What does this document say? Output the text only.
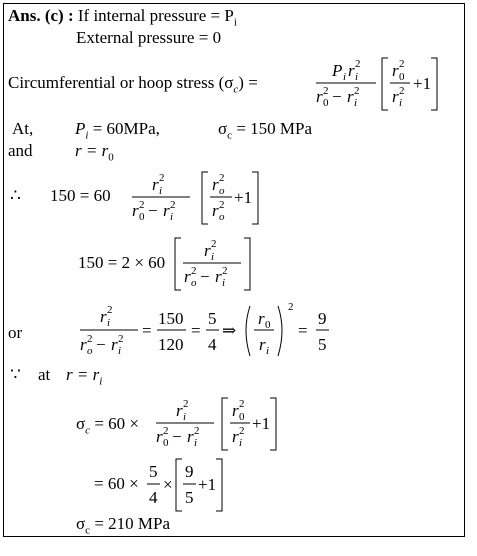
Ans. (c) : If internal pressure = $P_i$
External pressure = 0
Circumferential or hoop stress $(\sigma_c)$ =
P i r i
2
r 0
2 − r i
2
r 0
2
r i
2 +1
At, $P_i = 60MPa$,	$\sigma_c = 150$ MPa
and $r = r_0$
∴ 150 = 60
r i
2
r 0
2 − r i
2
r o
2
r o
2 +1
150 = 2 × 60
r i
2
r o
2 − r i
2
or
r i
2
r o
2 − r i
2 =
150
120
=
5
4
⇒
r 0
r i
2
=
9
5
∵ at $r = r_i$
$\sigma_c = 60$ ×
r i
2
r 0
2 − r i
2
r 0
2
r i
2 +1
= 60 ×
5
4
×
9
5
+1
$\sigma_c = 210$ MPa
